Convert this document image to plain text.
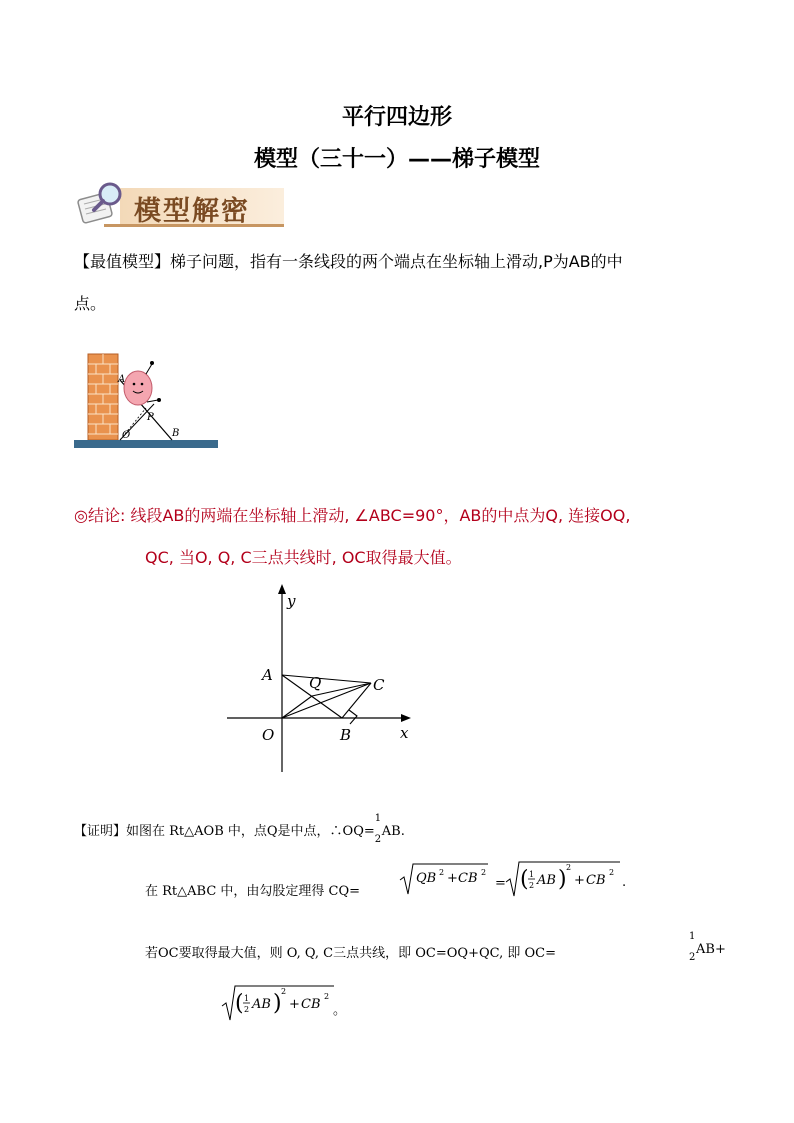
平行四边形
模型（三十一）——梯子模型
模型解密
【最值模型】梯子问题，指有一条线段的两个端点在坐标轴上滑动,P为AB的中
点。
A
P
O	B
◎结论: 线段AB的两端在坐标轴上滑动, ∠ABC=90°，AB的中点为Q, 连接OQ,
QC, 当O, Q, C三点共线时, OC取得最大值。
y
x
A Q	C
O	B
【证明】如图在 Rt△AOB 中，点Q是中点，∴OQ=
1
2
AB.
在 Rt△ABC 中，由勾股定理得 CQ=
QB 2 + CB 2
= ( 1
2 AB ) 2
+ CB
2
.
若OC要取得最大值，则 O, Q, C三点共线，即 OC=OQ+QC, 即 OC=
1
2
AB+
( 1
2 AB ) 2
+ CB
2
。
